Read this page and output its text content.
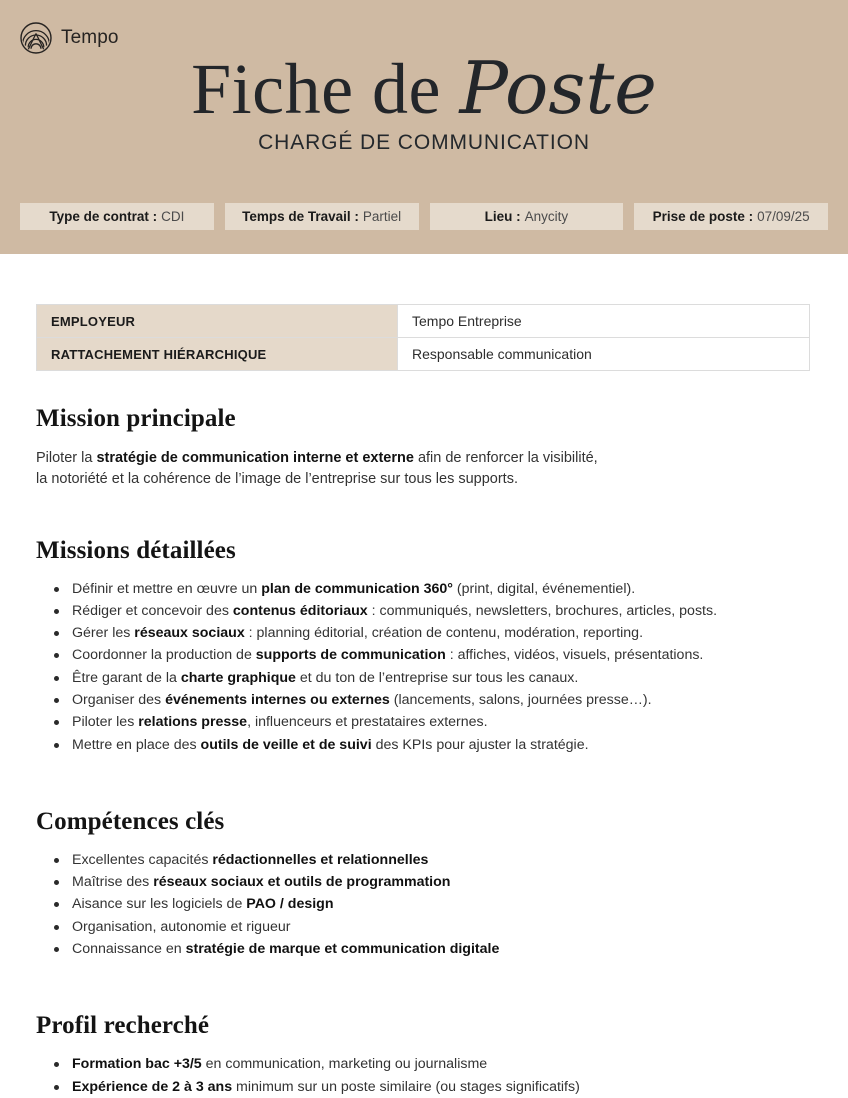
Tempo
Fiche de Poste
CHARGÉ DE COMMUNICATION
Type de contrat : CDI	Temps de Travail : Partiel	Lieu : Anycity	Prise de poste : 07/09/25
EMPLOYEUR	Tempo Entreprise
RATTACHEMENT HIÉRARCHIQUE	Responsable communication
Mission principale

Piloter la stratégie de communication interne et externe afin de renforcer la visibilité,
la notoriété et la cohérence de l’image de l’entreprise sur tous les supports.

Missions détaillées
Définir et mettre en œuvre un plan de communication 360° (print, digital, événementiel).
Rédiger et concevoir des contenus éditoriaux : communiqués, newsletters, brochures, articles, posts.
Gérer les réseaux sociaux : planning éditorial, création de contenu, modération, reporting.
Coordonner la production de supports de communication : affiches, vidéos, visuels, présentations.
Être garant de la charte graphique et du ton de l’entreprise sur tous les canaux.
Organiser des événements internes ou externes (lancements, salons, journées presse…).
Piloter les relations presse, influenceurs et prestataires externes.
Mettre en place des outils de veille et de suivi des KPIs pour ajuster la stratégie.
Compétences clés
Excellentes capacités rédactionnelles et relationnelles
Maîtrise des réseaux sociaux et outils de programmation
Aisance sur les logiciels de PAO / design
Organisation, autonomie et rigueur
Connaissance en stratégie de marque et communication digitale
Profil recherché
Formation bac +3/5 en communication, marketing ou journalisme
Expérience de 2 à 3 ans minimum sur un poste similaire (ou stages significatifs)
